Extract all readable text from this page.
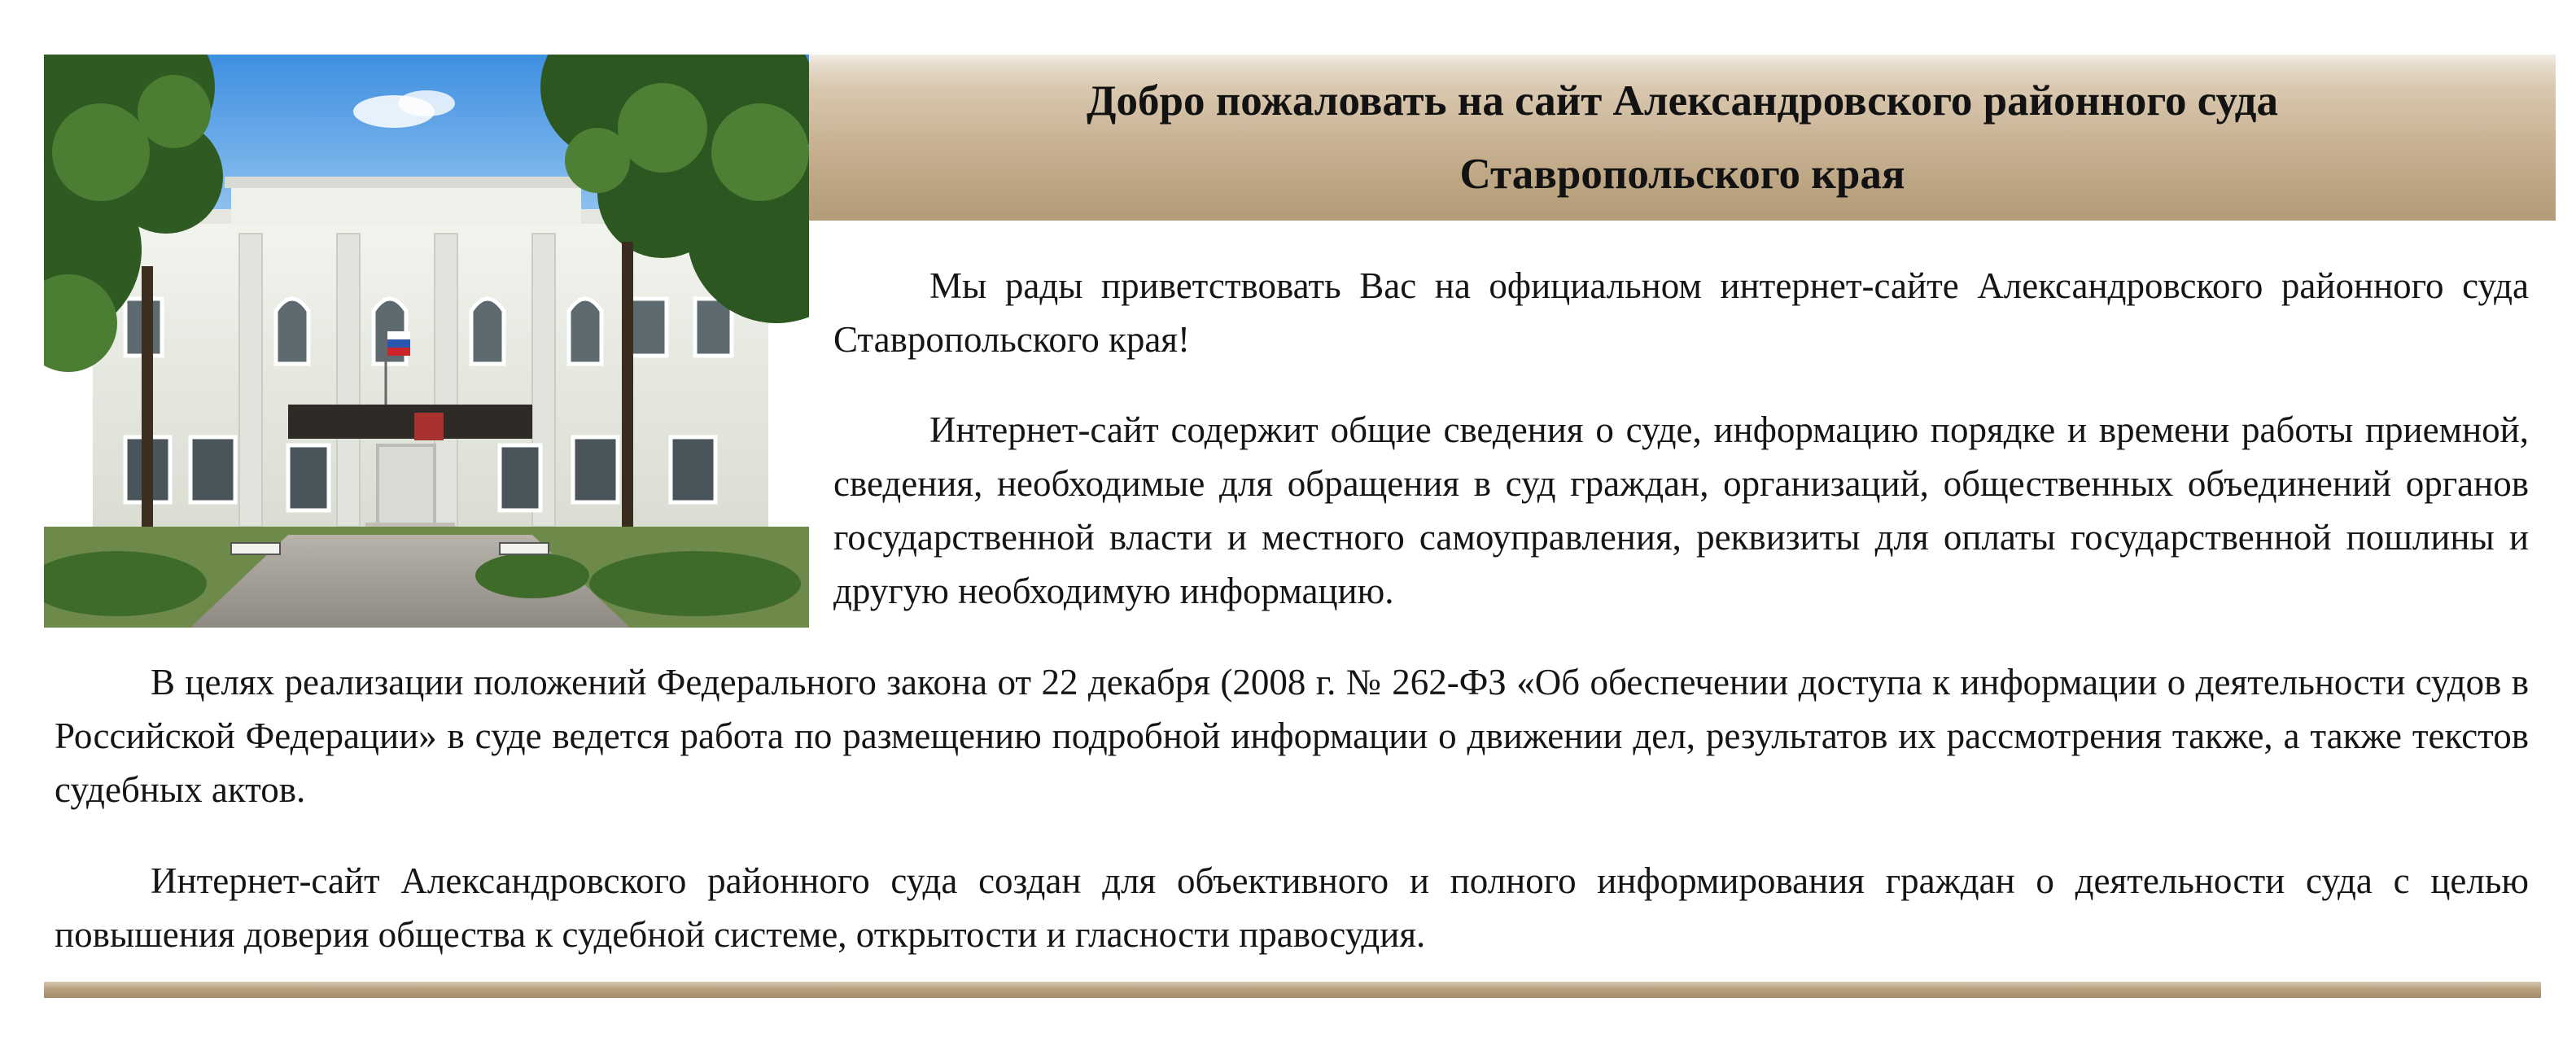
Добро пожаловать на сайт Александровского районного суда
Ставропольского края

Мы рады приветствовать Вас на официальном интернет-сайте Александровского районного суда Ставропольского края!

Интернет-сайт содержит общие сведения о суде, информацию порядке и времени работы приемной, сведения, необходимые для обращения в суд граждан, организаций, общественных объединений органов государственной власти и местного самоуправления, реквизиты для оплаты государственной пошлины и другую необходимую информацию.

В целях реализации положений Федерального закона от 22 декабря (2008 г. № 262-ФЗ «Об обеспечении доступа к информации о деятельности судов в Российской Федерации» в суде ведется работа по размещению подробной информации о движении дел, результатов их рассмотрения также, а также текстов судебных актов.

Интернет-сайт Александровского районного суда создан для объективного и полного информирования граждан о деятельности суда с целью повышения доверия общества к судебной системе, открытости и гласности правосудия.
